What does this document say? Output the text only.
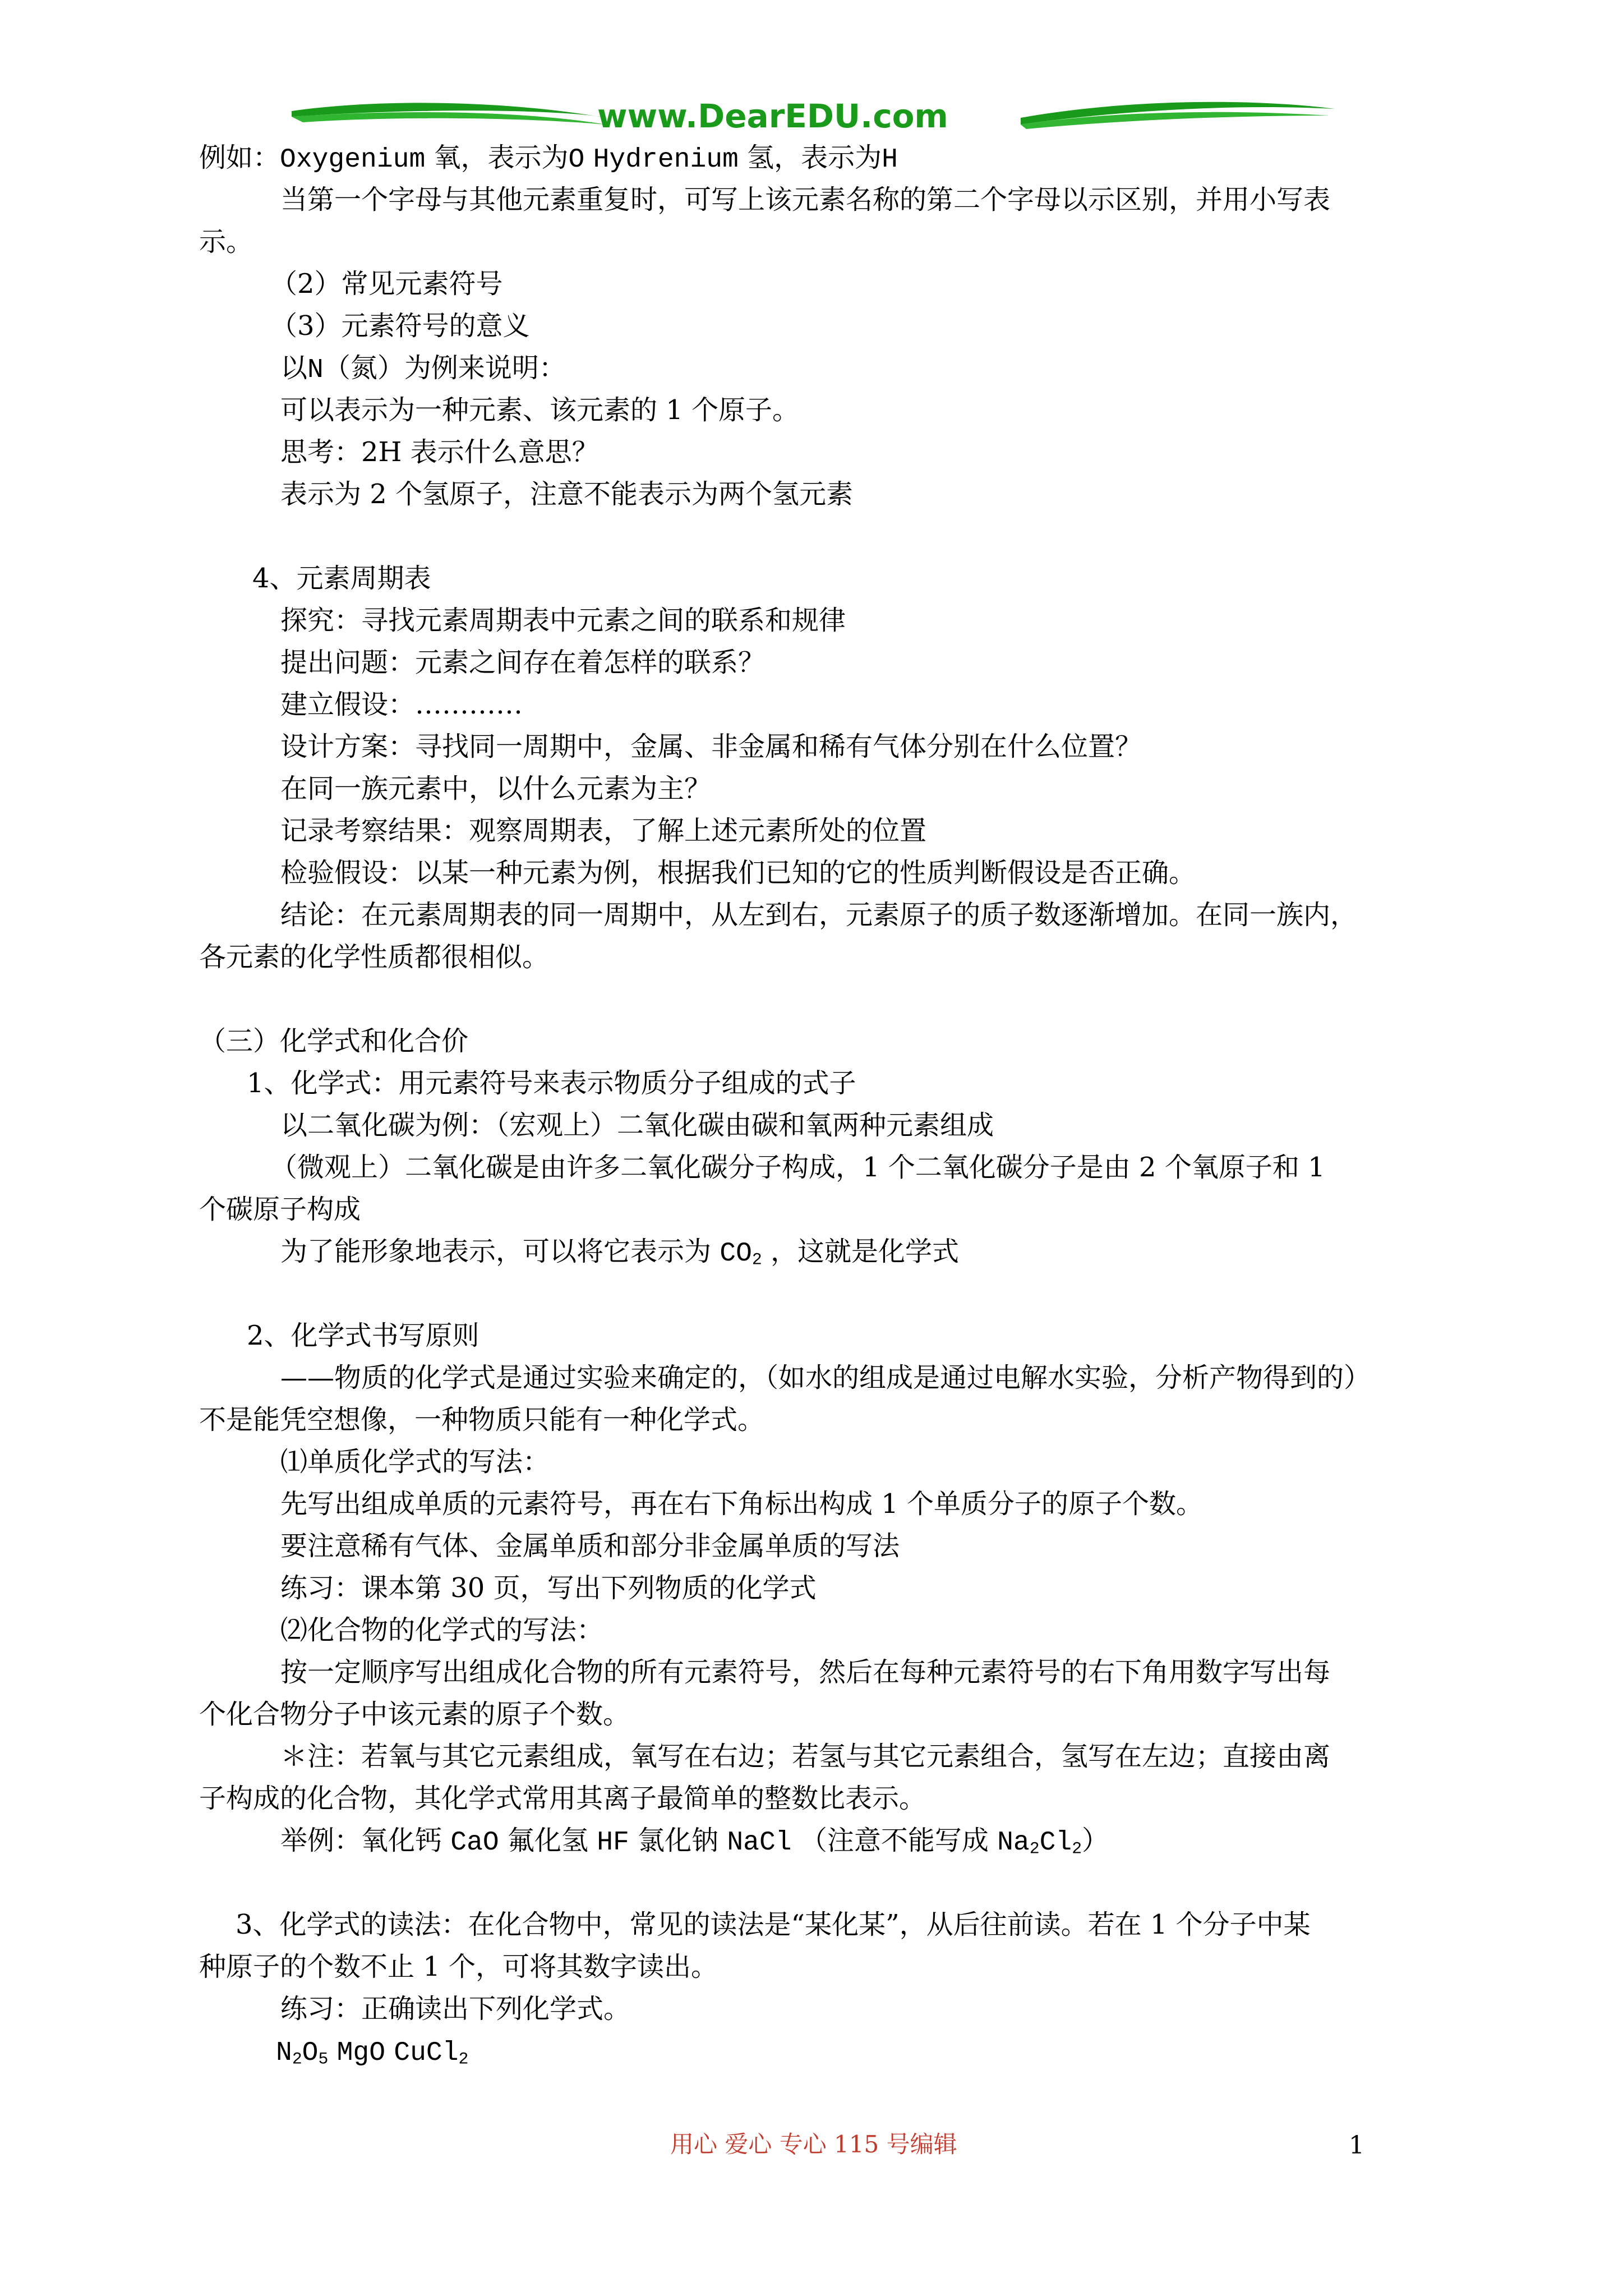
www.DearEDU.com
例如：Oxygenium 氧，表示为O Hydrenium 氢，表示为H
当第一个字母与其他元素重复时，可写上该元素名称的第二个字母以示区别，并用小写表
示。
（2）常见元素符号
（3）元素符号的意义
以N（氮）为例来说明：
可以表示为一种元素、该元素的 1 个原子。
思考：2H 表示什么意思？
表示为 2 个氢原子，注意不能表示为两个氢元素
4、元素周期表
探究：寻找元素周期表中元素之间的联系和规律
提出问题：元素之间存在着怎样的联系？
建立假设：…………
设计方案：寻找同一周期中，金属、非金属和稀有气体分别在什么位置？
在同一族元素中，以什么元素为主？
记录考察结果：观察周期表，了解上述元素所处的位置
检验假设：以某一种元素为例，根据我们已知的它的性质判断假设是否正确。
结论：在元素周期表的同一周期中，从左到右，元素原子的质子数逐渐增加。在同一族内，
各元素的化学性质都很相似。
（三）化学式和化合价
1、化学式：用元素符号来表示物质分子组成的式子
以二氧化碳为例：（宏观上）二氧化碳由碳和氧两种元素组成
（微观上）二氧化碳是由许多二氧化碳分子构成，1 个二氧化碳分子是由 2 个氧原子和 1
个碳原子构成
为了能形象地表示，可以将它表示为 $CO_2$ ，这就是化学式
2、化学式书写原则
——物质的化学式是通过实验来确定的，（如水的组成是通过电解水实验，分析产物得到的）
不是能凭空想像，一种物质只能有一种化学式。
⑴单质化学式的写法：
先写出组成单质的元素符号，再在右下角标出构成 1 个单质分子的原子个数。
要注意稀有气体、金属单质和部分非金属单质的写法
练习：课本第 30 页，写出下列物质的化学式
⑵化合物的化学式的写法：
按一定顺序写出组成化合物的所有元素符号，然后在每种元素符号的右下角用数字写出每
个化合物分子中该元素的原子个数。
＊注：若氧与其它元素组成，氧写在右边；若氢与其它元素组合，氢写在左边；直接由离
子构成的化合物，其化学式常用其离子最简单的整数比表示。
举例：氧化钙 CaO 氟化氢 HF 氯化钠 NaCl （注意不能写成 $Na_2Cl_2$）
3、化学式的读法：在化合物中，常见的读法是“某化某”，从后往前读。若在 1 个分子中某
种原子的个数不止 1 个，可将其数字读出。
练习：正确读出下列化学式。
$N_2O_5$ MgO CuCl$_2$
用心 爱心 专心 115 号编辑	1
